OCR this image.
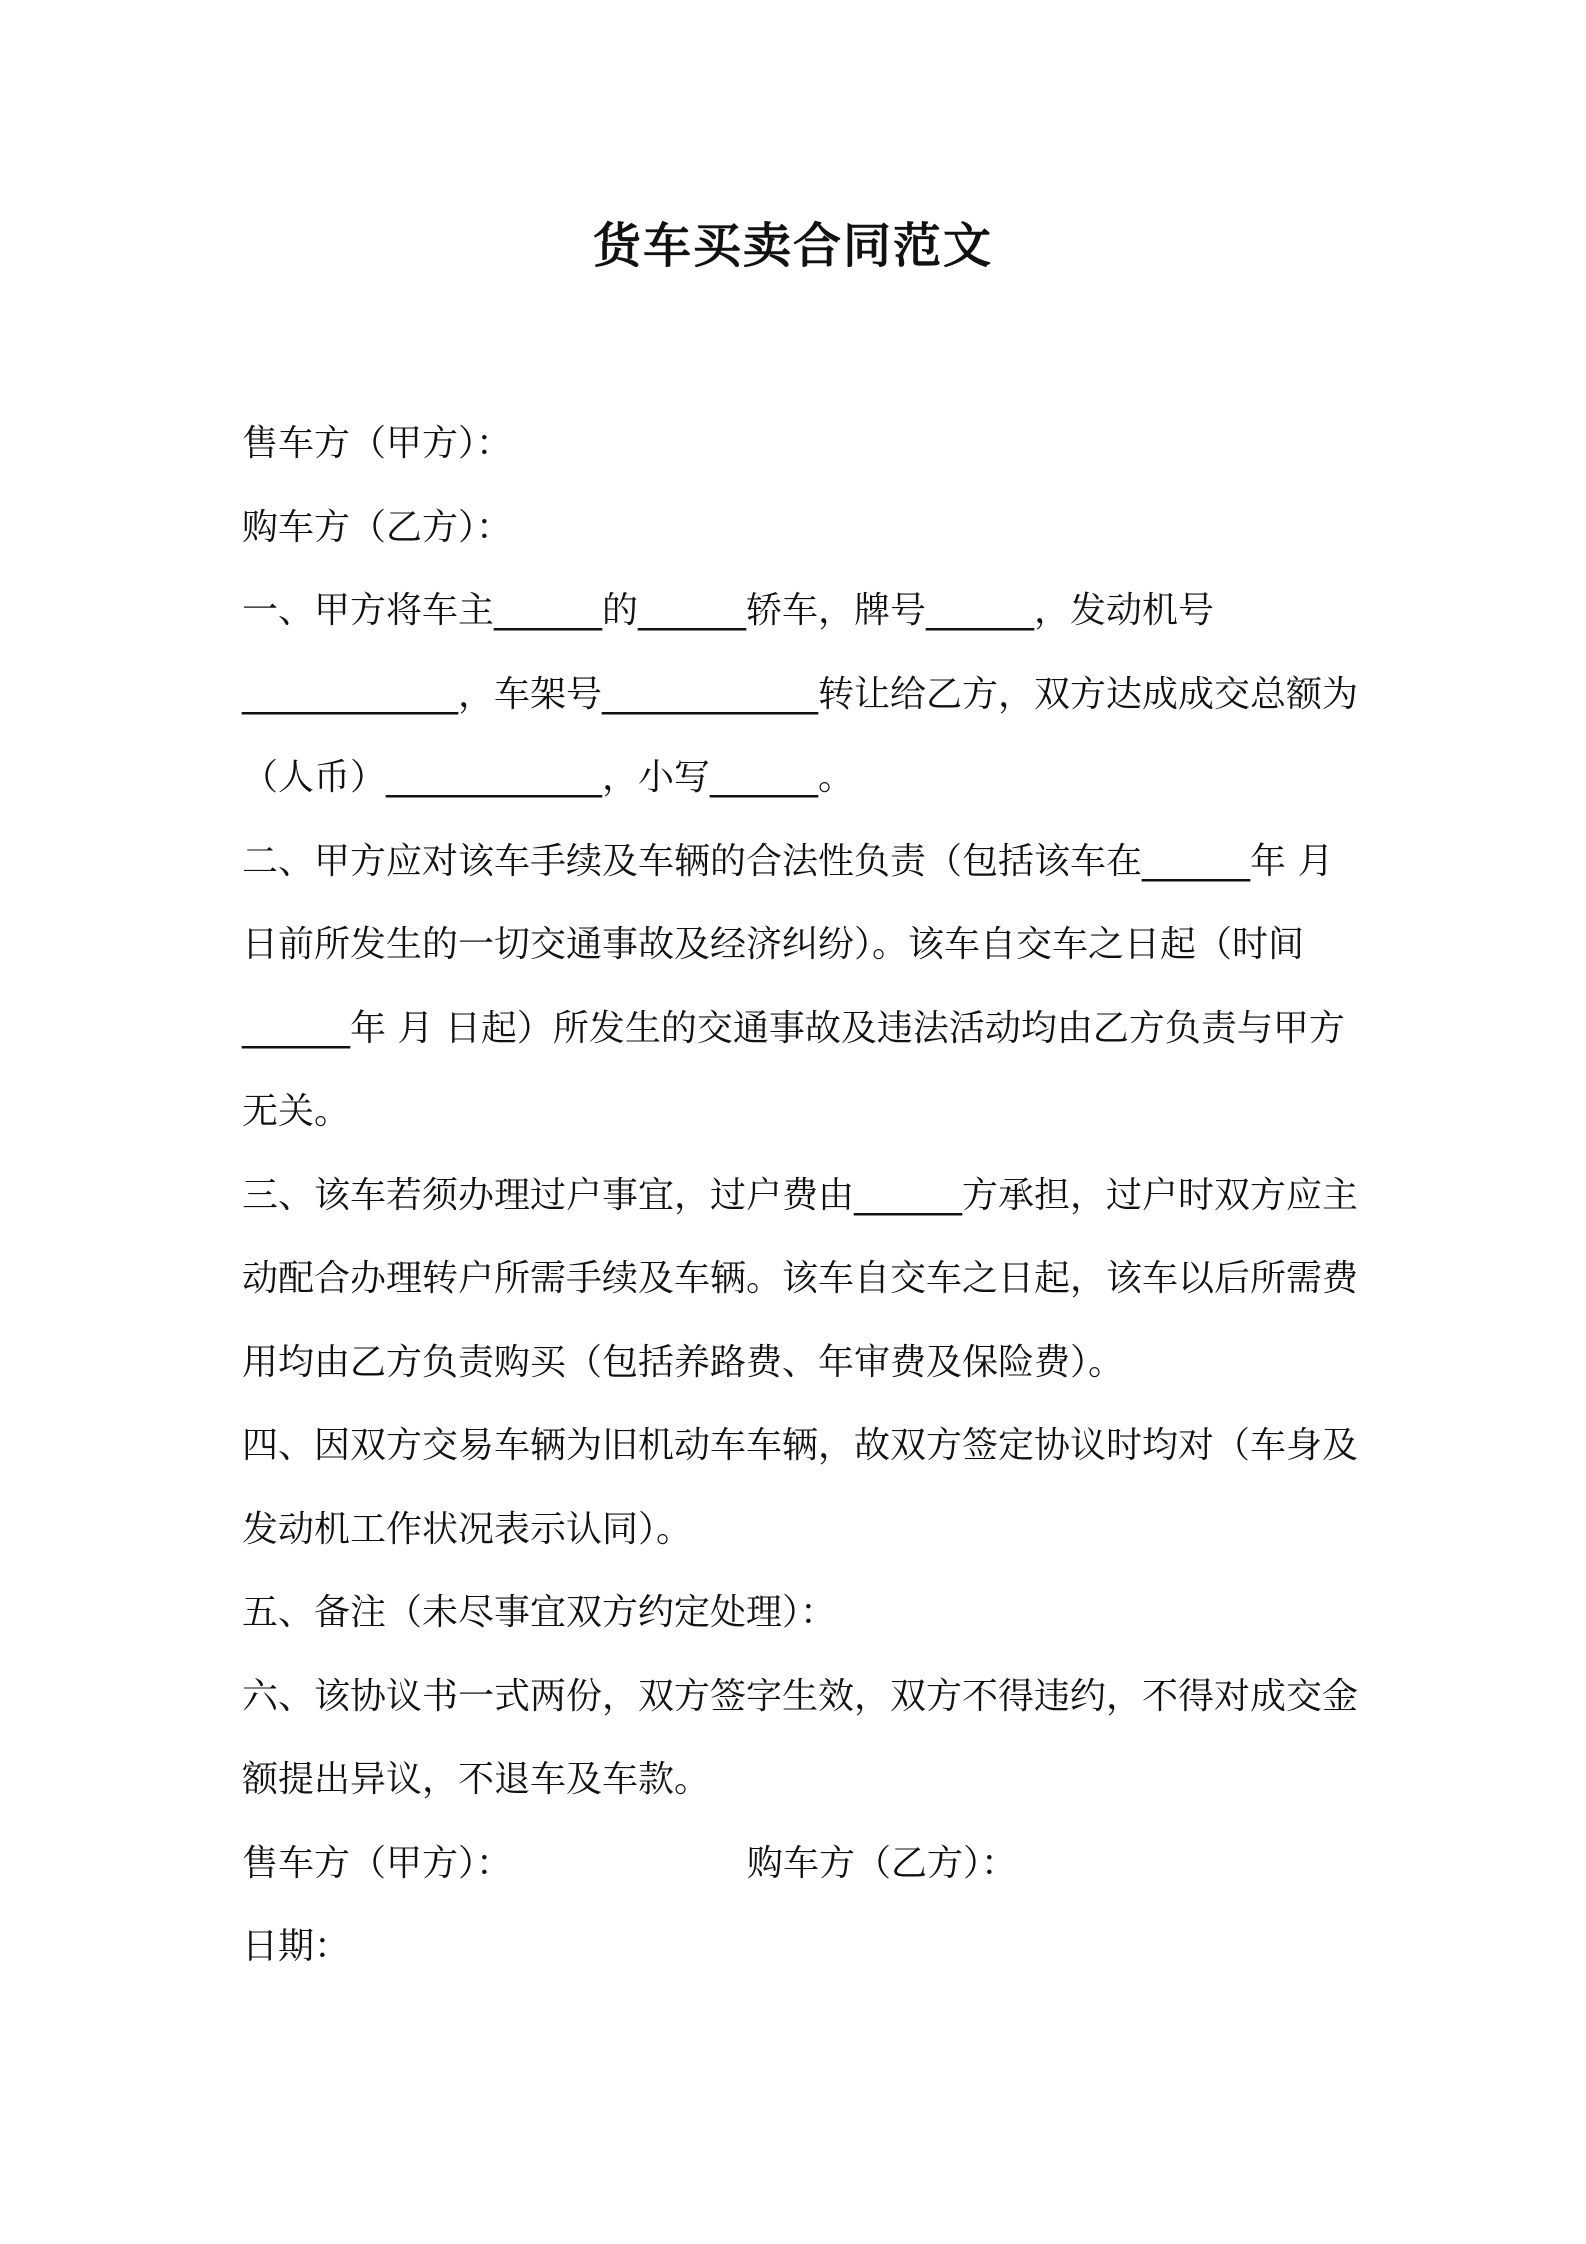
货车买卖合同范文

售车方（甲方）：

购车方（乙方）：

一、甲方将车主______的______轿车，牌号______，发动机号____________，车架号____________转让给乙方，双方达成成交总额为（人币）____________，小写______。

二、甲方应对该车手续及车辆的合法性负责（包括该车在______年 月 日前所发生的一切交通事故及经济纠纷）。该车自交车之日起（时间______年 月 日起）所发生的交通事故及违法活动均由乙方负责与甲方无关。

三、该车若须办理过户事宜，过户费由______方承担，过户时双方应主动配合办理转户所需手续及车辆。该车自交车之日起，该车以后所需费用均由乙方负责购买（包括养路费、年审费及保险费）。

四、因双方交易车辆为旧机动车车辆，故双方签定协议时均对（车身及发动机工作状况表示认同）。

五、备注（未尽事宜双方约定处理）：

六、该协议书一式两份，双方签字生效，双方不得违约，不得对成交金额提出异议，不退车及车款。

售车方（甲方）：	购车方（乙方）：

日期：
